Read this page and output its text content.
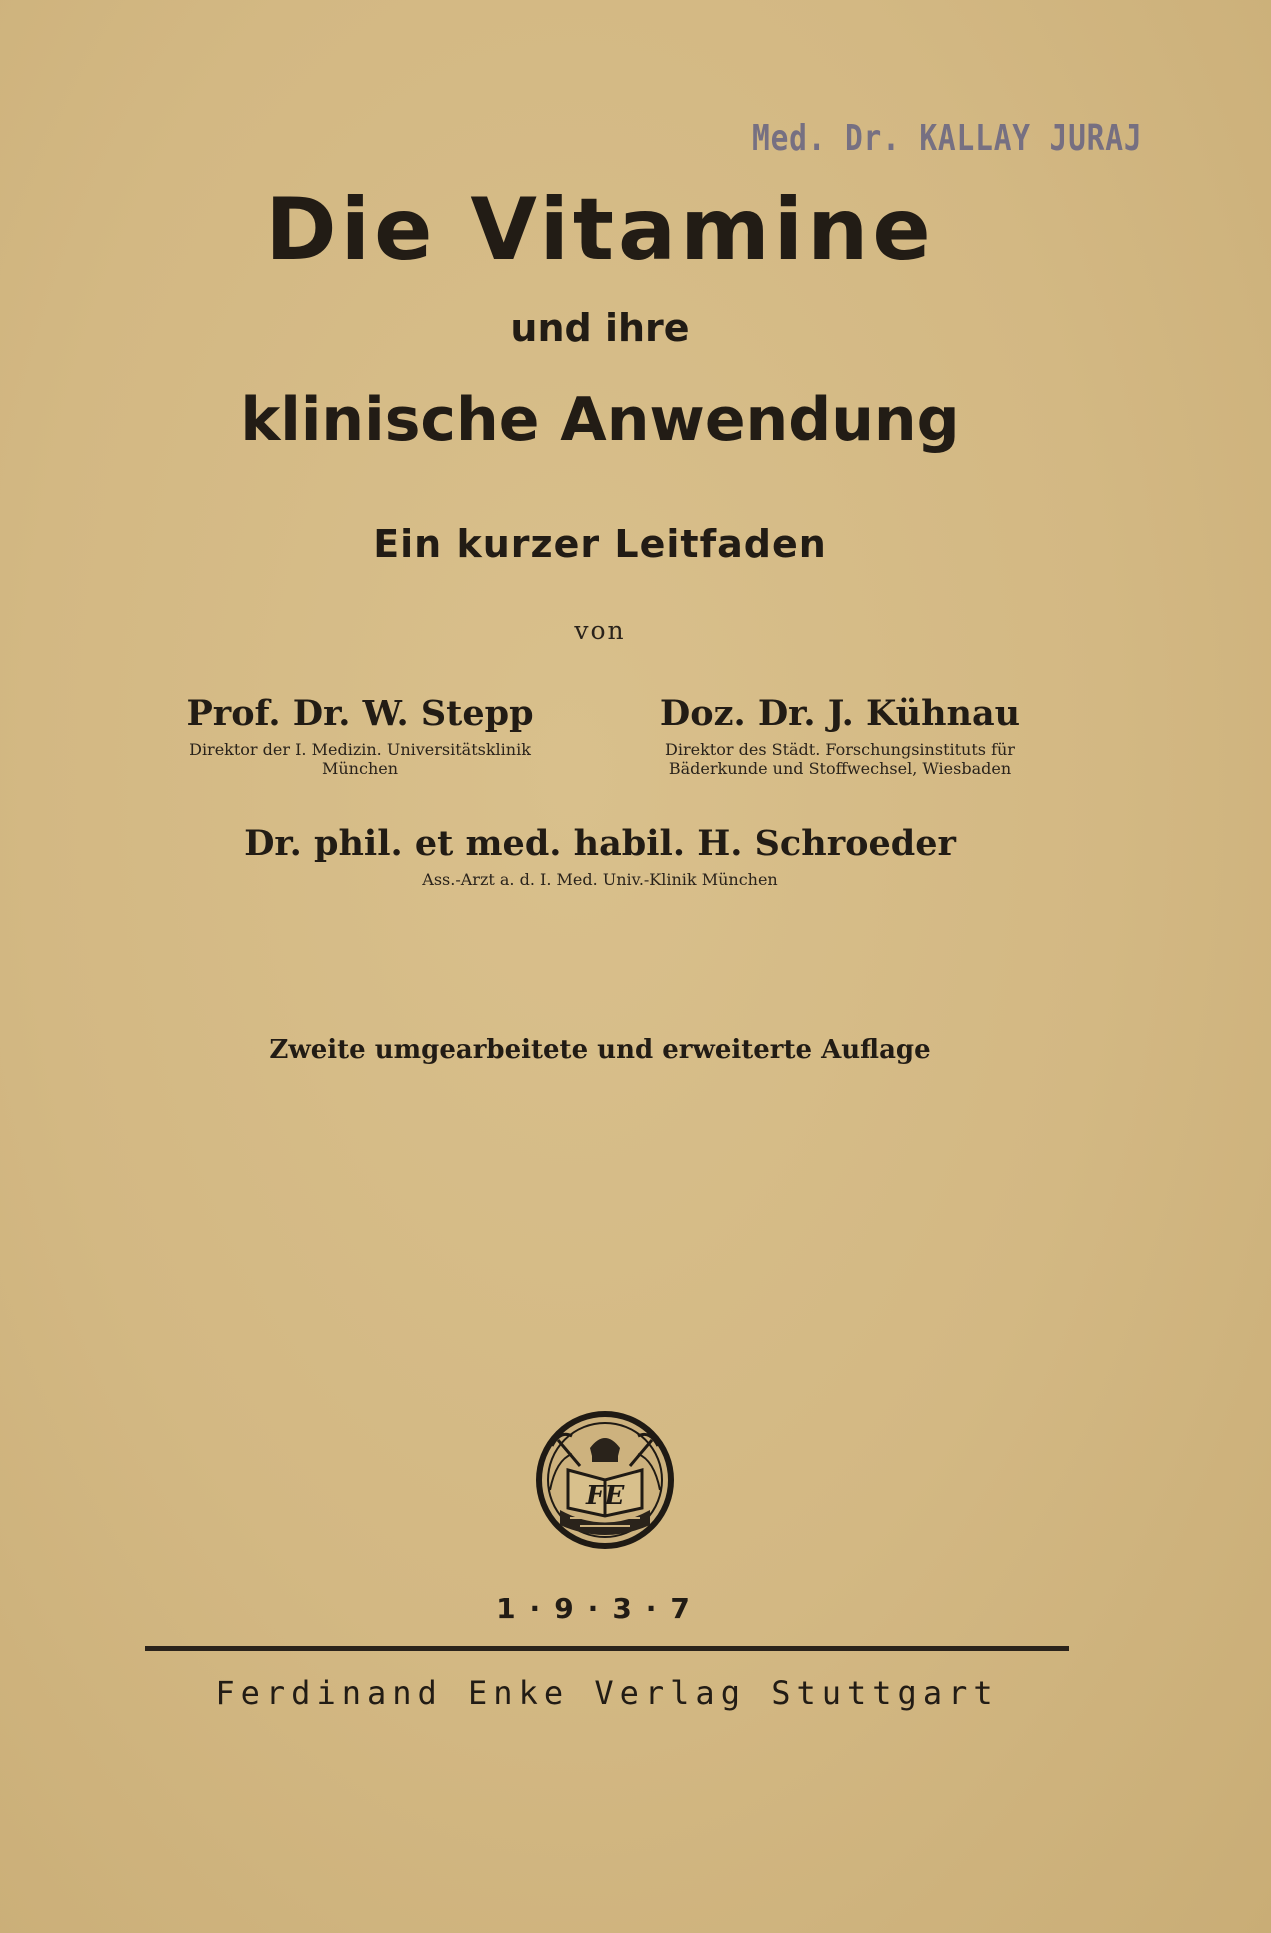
Med. Dr. KALLAY JURAJ
Die Vitamine
und ihre
klinische Anwendung
Ein kurzer Leitfaden
von
Prof. Dr. W. Stepp
Direktor der I. Medizin. Universitätsklinik
München
Doz. Dr. J. Kühnau
Direktor des Städt. Forschungsinstituts für
Bäderkunde und Stoffwechsel, Wiesbaden
Dr. phil. et med. habil. H. Schroeder
Ass.-Arzt a. d. I. Med. Univ.-Klinik München
Zweite umgearbeitete und erweiterte Auflage
FE
1·9·3·7
Ferdinand Enke Verlag Stuttgart
